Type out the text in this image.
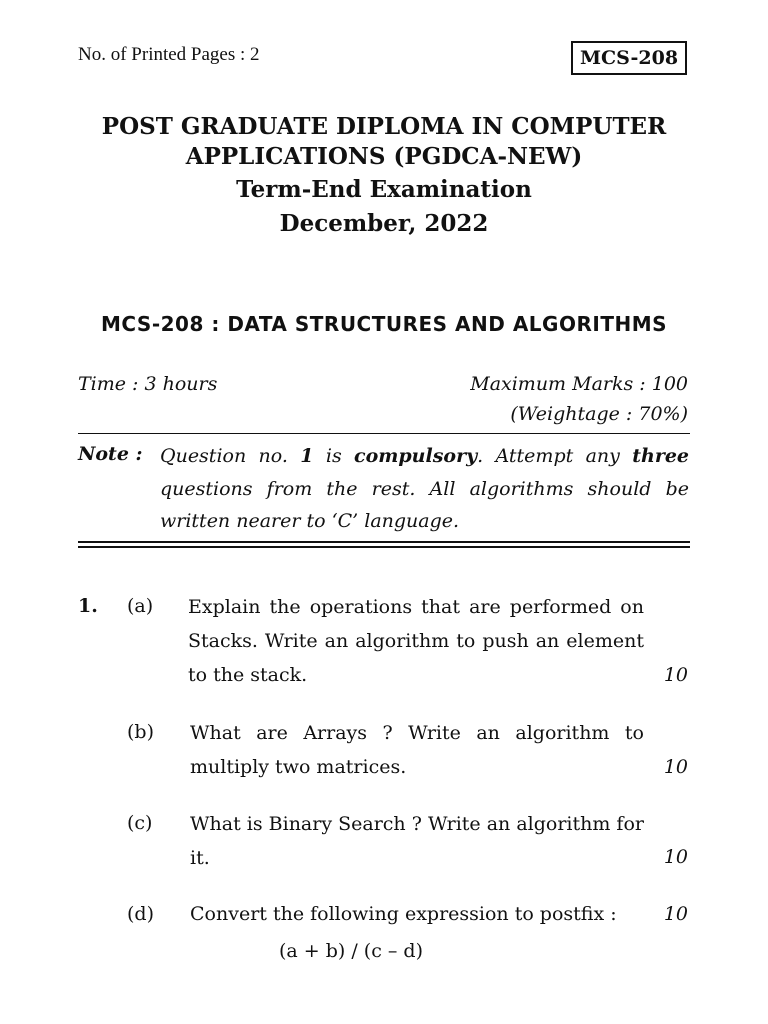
No. of Printed Pages : 2	MCS-208
POST GRADUATE DIPLOMA IN COMPUTER
APPLICATIONS (PGDCA-NEW)
Term-End Examination
December, 2022
MCS-208 : DATA STRUCTURES AND ALGORITHMS
Time : 3 hours	Maximum Marks : 100
(Weightage : 70%)
Note : Question no. 1 is compulsory. Attempt any three questions from the rest. All algorithms should be written nearer to ‘C’ language.
1. (a) Explain the operations that are performed on Stacks. Write an algorithm to push an element to the stack.	10
(b) What are Arrays ? Write an algorithm to multiply two matrices.	10
(c) What is Binary Search ? Write an algorithm for it.	10
(d) Convert the following expression to postfix : 10
(a + b) / (c – d)
